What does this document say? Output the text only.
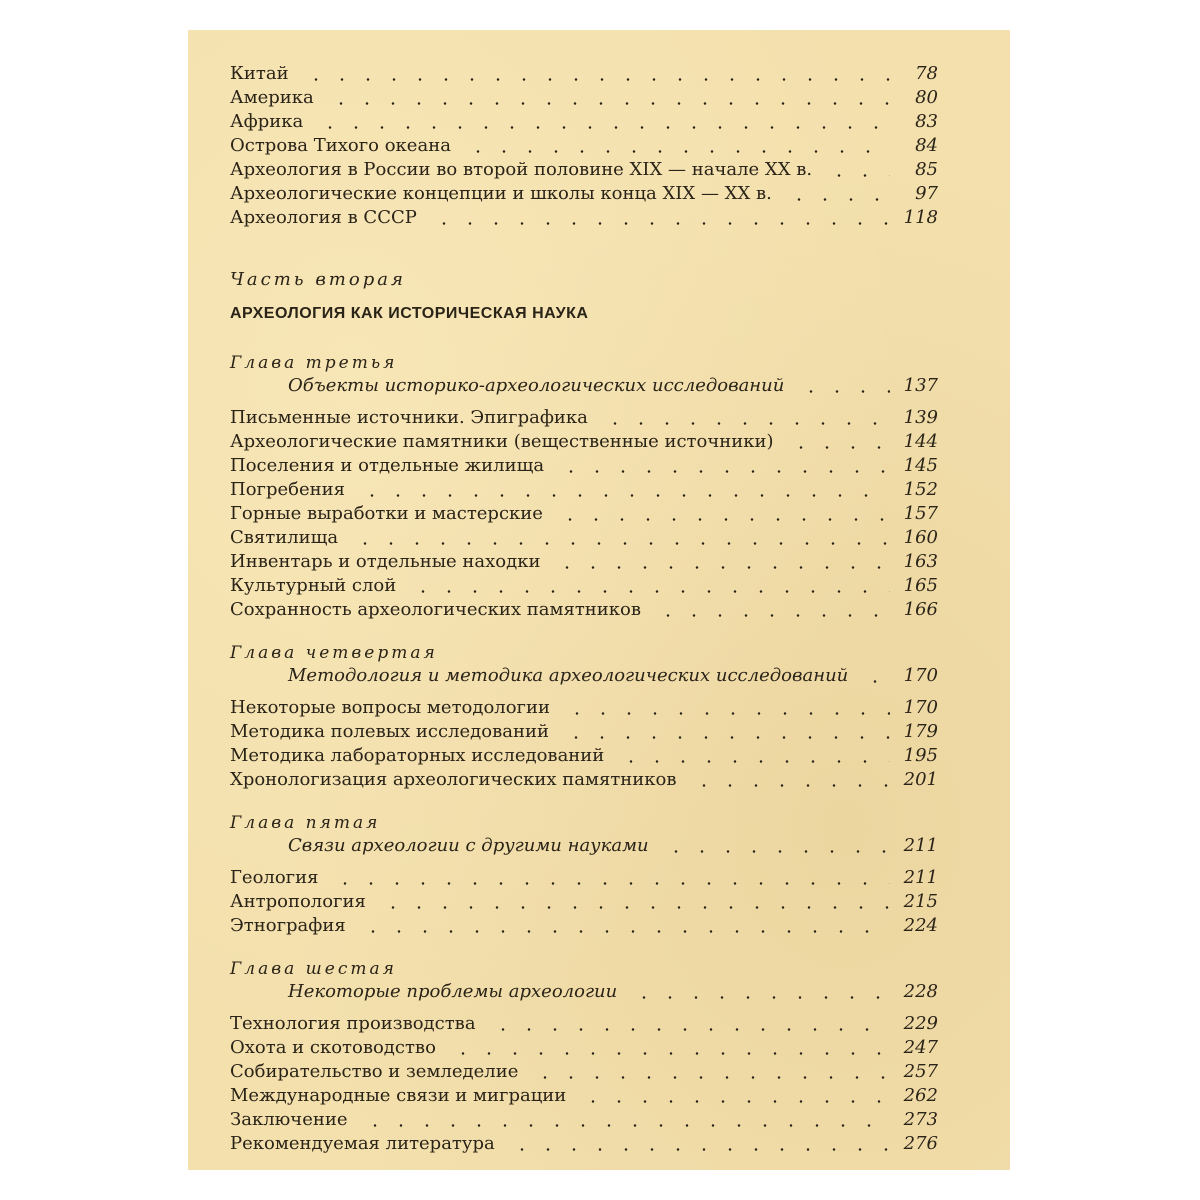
Китай	78
Америка	80
Африка	83
Острова Тихого океана	84
Археология в России во второй половине XIX — начале XX в.	85
Археологические концепции и школы конца XIX — XX в.	97
Археология в СССР	118
Часть вторая
АРХЕОЛОГИЯ КАК ИСТОРИЧЕСКАЯ НАУКА
Глава третья
Объекты историко-археологических исследований	137
Письменные источники. Эпиграфика	139
Археологические памятники (вещественные источники)	144
Поселения и отдельные жилища	145
Погребения	152
Горные выработки и мастерские	157
Святилища	160
Инвентарь и отдельные находки	163
Культурный слой	165
Сохранность археологических памятников	166
Глава четвертая
Методология и методика археологических исследований	170
Некоторые вопросы методологии	170
Методика полевых исследований	179
Методика лабораторных исследований	195
Хронологизация археологических памятников	201
Глава пятая
Связи археологии с другими науками	211
Геология	211
Антропология	215
Этнография	224
Глава шестая
Некоторые проблемы археологии	228
Технология производства	229
Охота и скотоводство	247
Собирательство и земледелие	257
Международные связи и миграции	262
Заключение	273
Рекомендуемая литература	276
